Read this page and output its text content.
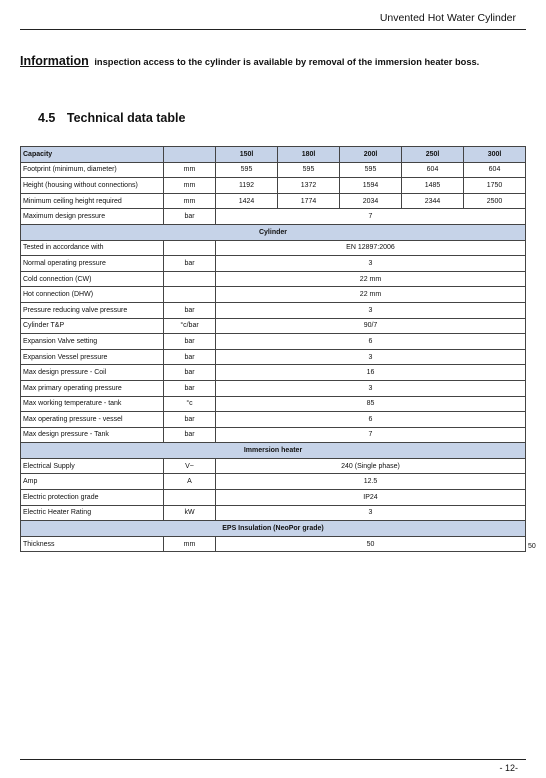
Unvented Hot Water Cylinder
Information inspection access to the cylinder is available by removal of the immersion heater boss.
4.5 Technical data table
Capacity		150l	180l	200l	250l	300l
Footprint (minimum, diameter)	mm	595	595	595	604	604
Height (housing without connections)	mm	1192	1372	1594	1485	1750
Minimum ceiling height required	mm	1424	1774	2034	2344	2500
Maximum design pressure	bar	7				
Cylinder						
Tested in accordance with		EN 12897:2006				
Normal operating pressure	bar	3				
Cold connection (CW)		22 mm				
Hot connection (DHW)		22 mm				
Pressure reducing valve pressure	bar	3				
Cylinder T&P	°c/bar	90/7				
Expansion Valve setting	bar	6				
Expansion Vessel pressure	bar	3				
Max design pressure - Coil	bar	16				
Max primary operating pressure	bar	3				
Max working temperature - tank	°c	85				
Max operating pressure - vessel	bar	6				
Max design pressure - Tank	bar	7				
Immersion heater						
Electrical Supply	V~	240 (Single phase)				
Amp	A	12.5				
Electric protection grade		IP24				
Electric Heater Rating	kW	3				
EPS Insulation (NeoPor grade)						
Thickness	mm	50					50
- 12-
